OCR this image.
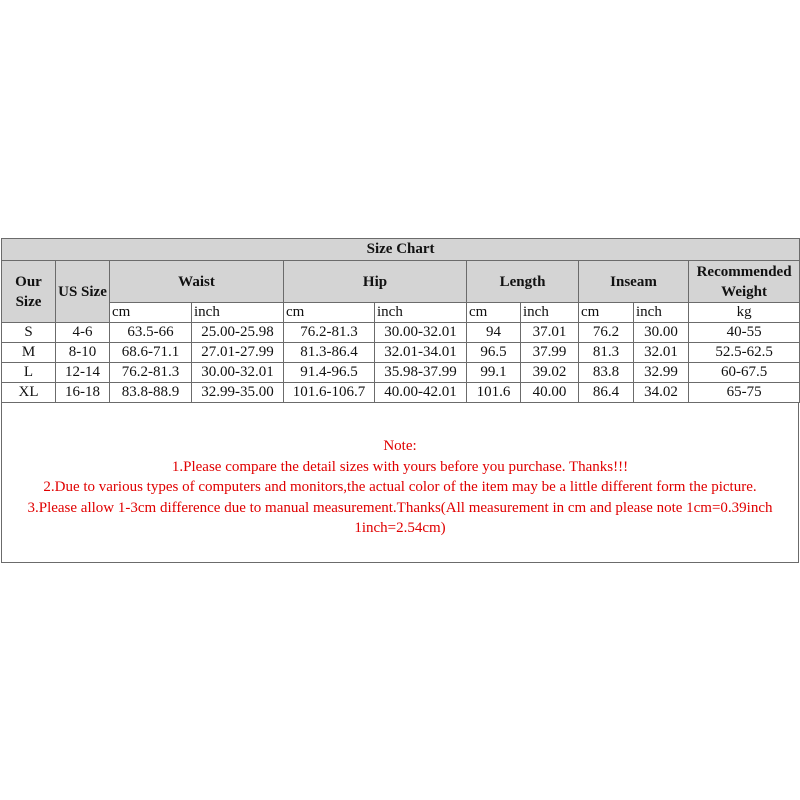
Size Chart										
Our Size	US Size	Waist		Hip		Length		Inseam		Recommended Weight
		cm	inch	cm	inch	cm	inch	cm	inch	kg
S	4-6	63.5-66	25.00-25.98	76.2-81.3	30.00-32.01	94	37.01	76.2	30.00	40-55
M	8-10	68.6-71.1	27.01-27.99	81.3-86.4	32.01-34.01	96.5	37.99	81.3	32.01	52.5-62.5
L	12-14	76.2-81.3	30.00-32.01	91.4-96.5	35.98-37.99	99.1	39.02	83.8	32.99	60-67.5
XL	16-18	83.8-88.9	32.99-35.00	101.6-106.7	40.00-42.01	101.6	40.00	86.4	34.02	65-75
Note:
1.Please compare the detail sizes with yours before you purchase. Thanks!!!
2.Due to various types of computers and monitors,the actual color of the item may be a little different form the picture.
3.Please allow 1-3cm difference due to manual measurement.Thanks(All measurement in cm and please note 1cm=0.39inch 1inch=2.54cm)
